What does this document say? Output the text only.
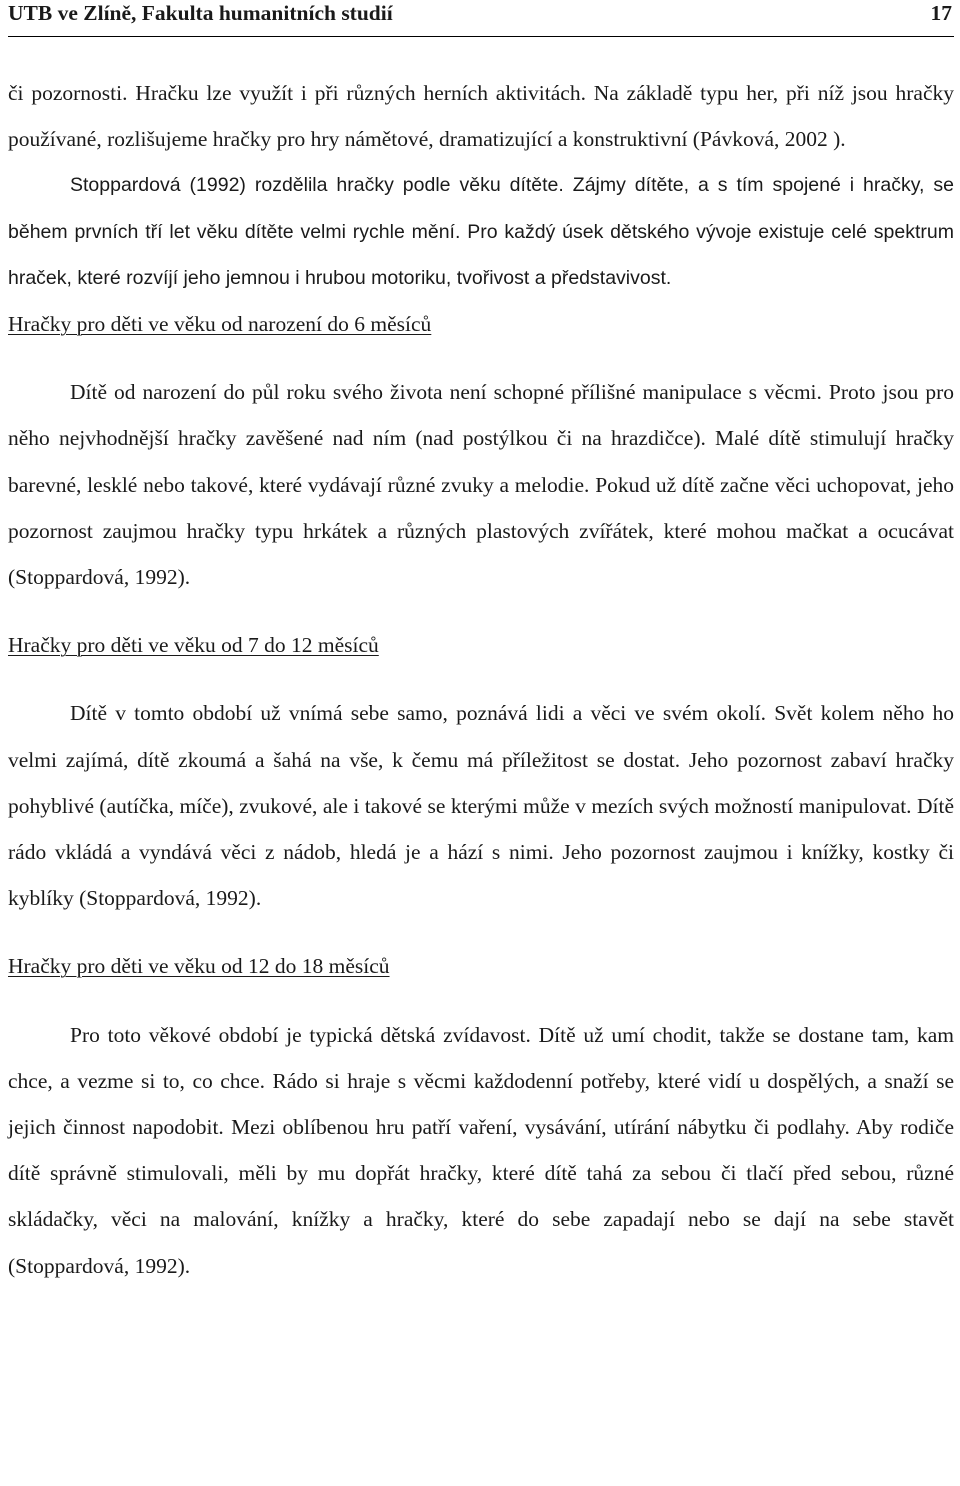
UTB ve Zlíně, Fakulta humanitních studií	17

či pozornosti. Hračku lze využít i při různých herních aktivitách. Na základě typu her, při níž jsou hračky používané, rozlišujeme hračky pro hry námětové, dramatizující a konstruktivní (Pávková, 2002 ).

Stoppardová (1992) rozdělila hračky podle věku dítěte. Zájmy dítěte, a s tím spojené i hračky, se během prvních tří let věku dítěte velmi rychle mění. Pro každý úsek dětského vývoje existuje celé spektrum hraček, které rozvíjí jeho jemnou i hrubou motoriku, tvořivost a představivost.

Hračky pro děti ve věku od narození do 6 měsíců

Dítě od narození do půl roku svého života není schopné přílišné manipulace s věcmi. Proto jsou pro něho nejvhodnější hračky zavěšené nad ním (nad postýlkou či na hrazdičce). Malé dítě stimulují hračky barevné, lesklé nebo takové, které vydávají různé zvuky a melodie. Pokud už dítě začne věci uchopovat, jeho pozornost zaujmou hračky typu hrkátek a různých plastových zvířátek, které mohou mačkat a ocucávat (Stoppardová, 1992).

Hračky pro děti ve věku od 7 do 12 měsíců

Dítě v tomto období už vnímá sebe samo, poznává lidi a věci ve svém okolí. Svět kolem něho ho velmi zajímá, dítě zkoumá a šahá na vše, k čemu má příležitost se dostat. Jeho pozornost zabaví hračky pohyblivé (autíčka, míče), zvukové, ale i takové se kterými může v mezích svých možností manipulovat. Dítě rádo vkládá a vyndává věci z nádob, hledá je a hází s nimi. Jeho pozornost zaujmou i knížky, kostky či kyblíky (Stoppardová, 1992).

Hračky pro děti ve věku od 12 do 18 měsíců

Pro toto věkové období je typická dětská zvídavost. Dítě už umí chodit, takže se dostane tam, kam chce, a vezme si to, co chce. Rádo si hraje s věcmi každodenní potřeby, které vidí u dospělých, a snaží se jejich činnost napodobit. Mezi oblíbenou hru patří vaření, vysávání, utírání nábytku či podlahy. Aby rodiče dítě správně stimulovali, měli by mu dopřát hračky, které dítě tahá za sebou či tlačí před sebou, různé skládačky, věci na malování, knížky a hračky, které do sebe zapadají nebo se dají na sebe stavět (Stoppardová, 1992).
